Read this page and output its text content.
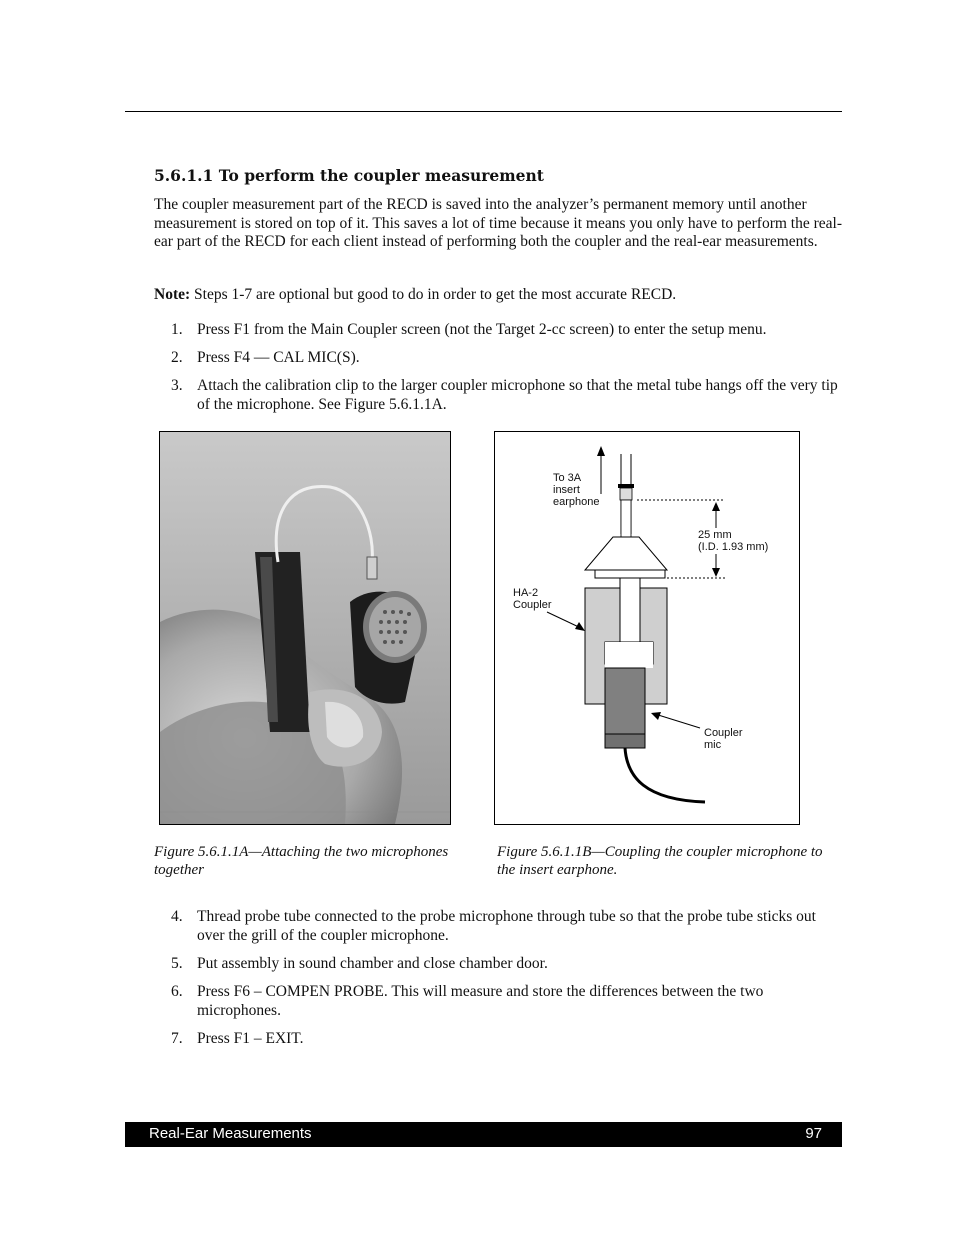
5.6.1.1 To perform the coupler measurement
The coupler measurement part of the RECD is saved into the analyzer’s permanent memory until another measurement is stored on top of it. This saves a lot of time because it means you only have to perform the real-ear part of the RECD for each client instead of performing both the coupler and the real-ear measurements.
Note: Steps 1-7 are optional but good to do in order to get the most accurate RECD.
1. Press F1 from the Main Coupler screen (not the Target 2-cc screen) to enter the setup menu.
2. Press F4 — CAL MIC(S).
3. Attach the calibration clip to the larger coupler microphone so that the metal tube hangs off the very tip of the microphone. See Figure 5.6.1.1A.
To 3A
insert
earphone
25 mm
(I.D. 1.93 mm)
HA-2
Coupler
Coupler
mic
Figure 5.6.1.1A—Attaching the two microphones together
Figure 5.6.1.1B—Coupling the coupler microphone to the insert earphone.
4. Thread probe tube connected to the probe microphone through tube so that the probe tube sticks out over the grill of the coupler microphone.
5. Put assembly in sound chamber and close chamber door.
6. Press F6 – COMPEN PROBE. This will measure and store the differences between the two microphones.
7. Press F1 – EXIT.
Real-Ear Measurements	97
